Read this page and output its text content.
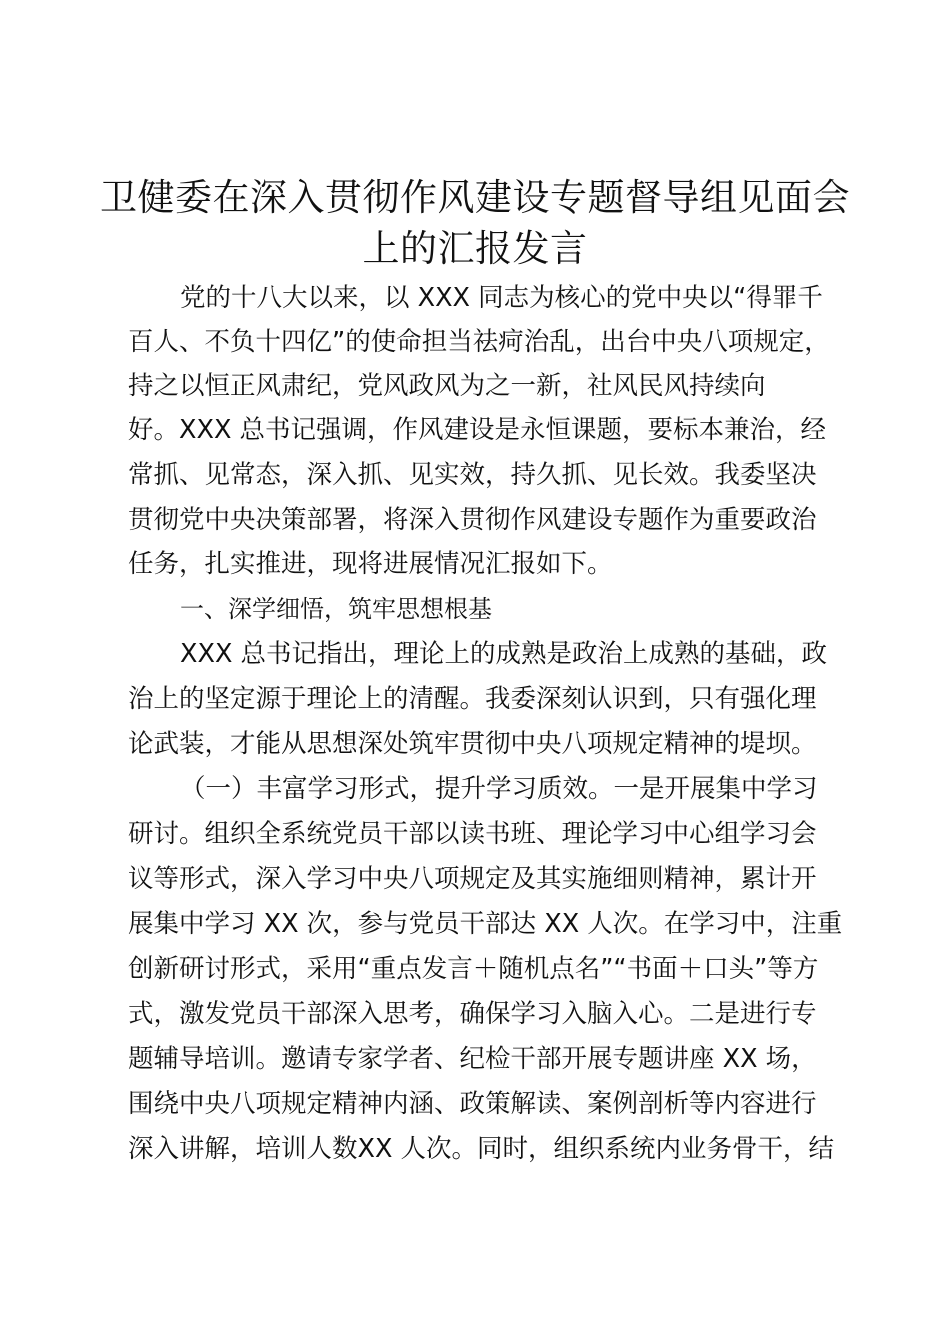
卫健委在深入贯彻作风建设专题督导组见面会
上的汇报发言

党的十八大以来，以 XXX 同志为核心的党中央以“得罪千

百人、不负十四亿”的使命担当祛疴治乱，出台中央八项规定，

持之以恒正风肃纪，党风政风为之一新，社风民风持续向

好。XXX 总书记强调，作风建设是永恒课题，要标本兼治，经

常抓、见常态，深入抓、见实效，持久抓、见长效。我委坚决

贯彻党中央决策部署，将深入贯彻作风建设专题作为重要政治

任务，扎实推进，现将进展情况汇报如下。

一、深学细悟，筑牢思想根基

XXX 总书记指出，理论上的成熟是政治上成熟的基础，政

治上的坚定源于理论上的清醒。我委深刻认识到，只有强化理

论武装，才能从思想深处筑牢贯彻中央八项规定精神的堤坝。

（一）丰富学习形式，提升学习质效。一是开展集中学习

研讨。组织全系统党员干部以读书班、理论学习中心组学习会

议等形式，深入学习中央八项规定及其实施细则精神，累计开

展集中学习 XX 次，参与党员干部达 XX 人次。在学习中，注重

创新研讨形式，采用“重点发言＋随机点名”“书面＋口头”等方

式，激发党员干部深入思考，确保学习入脑入心。二是进行专

题辅导培训。邀请专家学者、纪检干部开展专题讲座 XX 场，

围绕中央八项规定精神内涵、政策解读、案例剖析等内容进行

深入讲解，培训人数XX 人次。同时，组织系统内业务骨干，结
